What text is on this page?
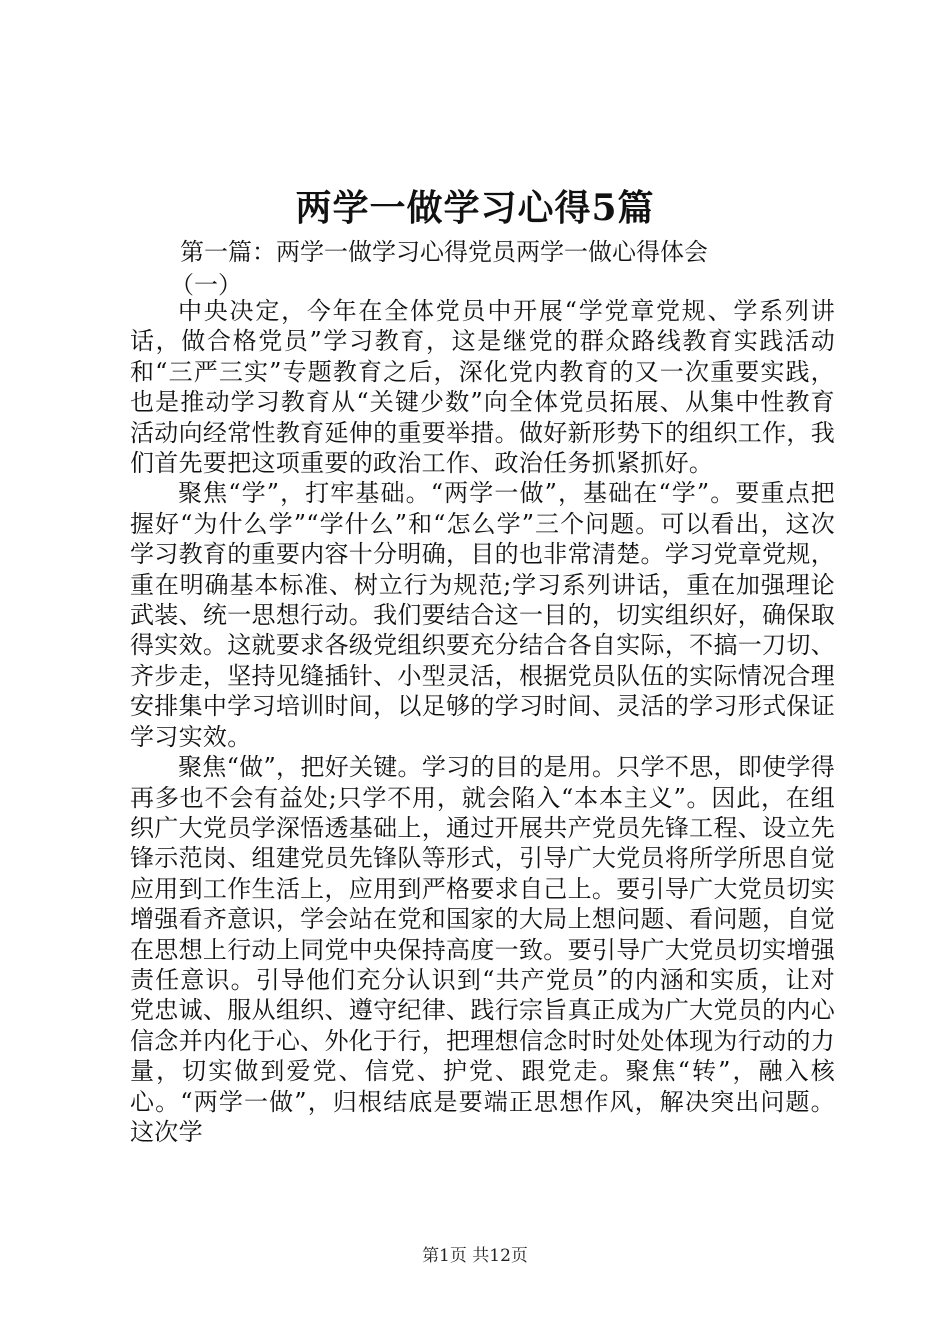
两学一做学习心得5篇
第一篇：两学一做学习心得党员两学一做心得体会
（一）

中央决定，今年在全体党员中开展“学党章党规、学系列讲话，做合格党员”学习教育，这是继党的群众路线教育实践活动和“三严三实”专题教育之后，深化党内教育的又一次重要实践，也是推动学习教育从“关键少数”向全体党员拓展、从集中性教育活动向经常性教育延伸的重要举措。做好新形势下的组织工作，我们首先要把这项重要的政治工作、政治任务抓紧抓好。

聚焦“学”，打牢基础。“两学一做”，基础在“学”。要重点把握好“为什么学”“学什么”和“怎么学”三个问题。可以看出，这次学习教育的重要内容十分明确，目的也非常清楚。学习党章党规，重在明确基本标准、树立行为规范;学习系列讲话，重在加强理论武装、统一思想行动。我们要结合这一目的，切实组织好，确保取得实效。这就要求各级党组织要充分结合各自实际，不搞一刀切、齐步走，坚持见缝插针、小型灵活，根据党员队伍的实际情况合理安排集中学习培训时间，以足够的学习时间、灵活的学习形式保证学习实效。

聚焦“做”，把好关键。学习的目的是用。只学不思，即使学得再多也不会有益处;只学不用，就会陷入“本本主义”。因此，在组织广大党员学深悟透基础上，通过开展共产党员先锋工程、设立先锋示范岗、组建党员先锋队等形式，引导广大党员将所学所思自觉应用到工作生活上，应用到严格要求自己上。要引导广大党员切实增强看齐意识，学会站在党和国家的大局上想问题、看问题，自觉在思想上行动上同党中央保持高度一致。要引导广大党员切实增强责任意识。引导他们充分认识到“共产党员”的内涵和实质，让对党忠诚、服从组织、遵守纪律、践行宗旨真正成为广大党员的内心信念并内化于心、外化于行，把理想信念时时处处体现为行动的力量，切实做到爱党、信党、护党、跟党走。聚焦“转”，融入核心。“两学一做”，归根结底是要端正思想作风，解决突出问题。这次学

第1页 共12页
